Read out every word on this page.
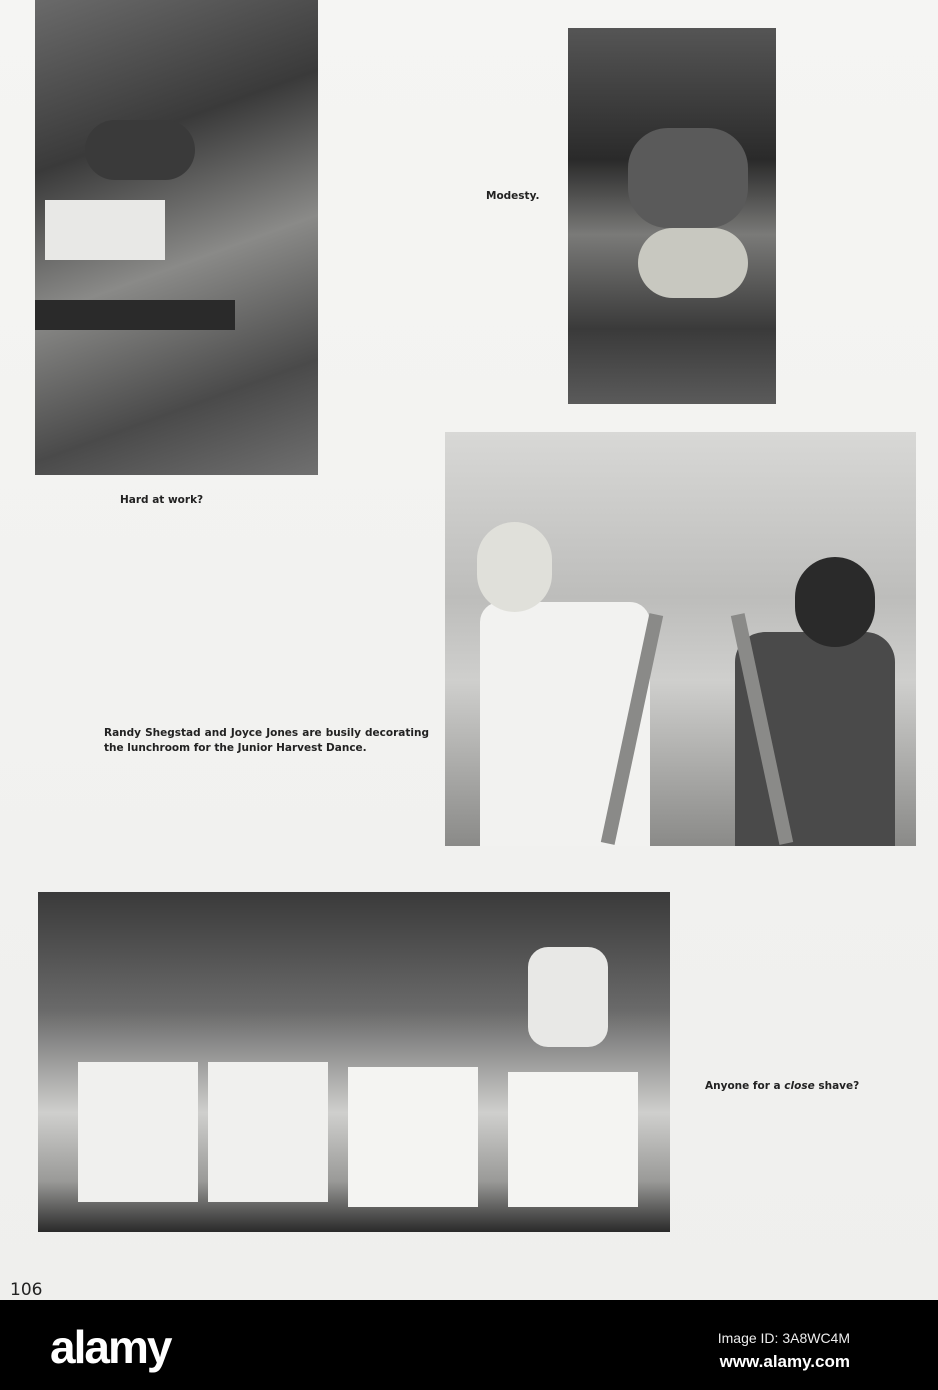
Hard at work?
Modesty.
Randy Shegstad and Joyce Jones are busily decorating the lunchroom for the Junior Harvest Dance.
Anyone for a close shave?
106
alamy	Image ID: 3A8WC4M
www.alamy.com
